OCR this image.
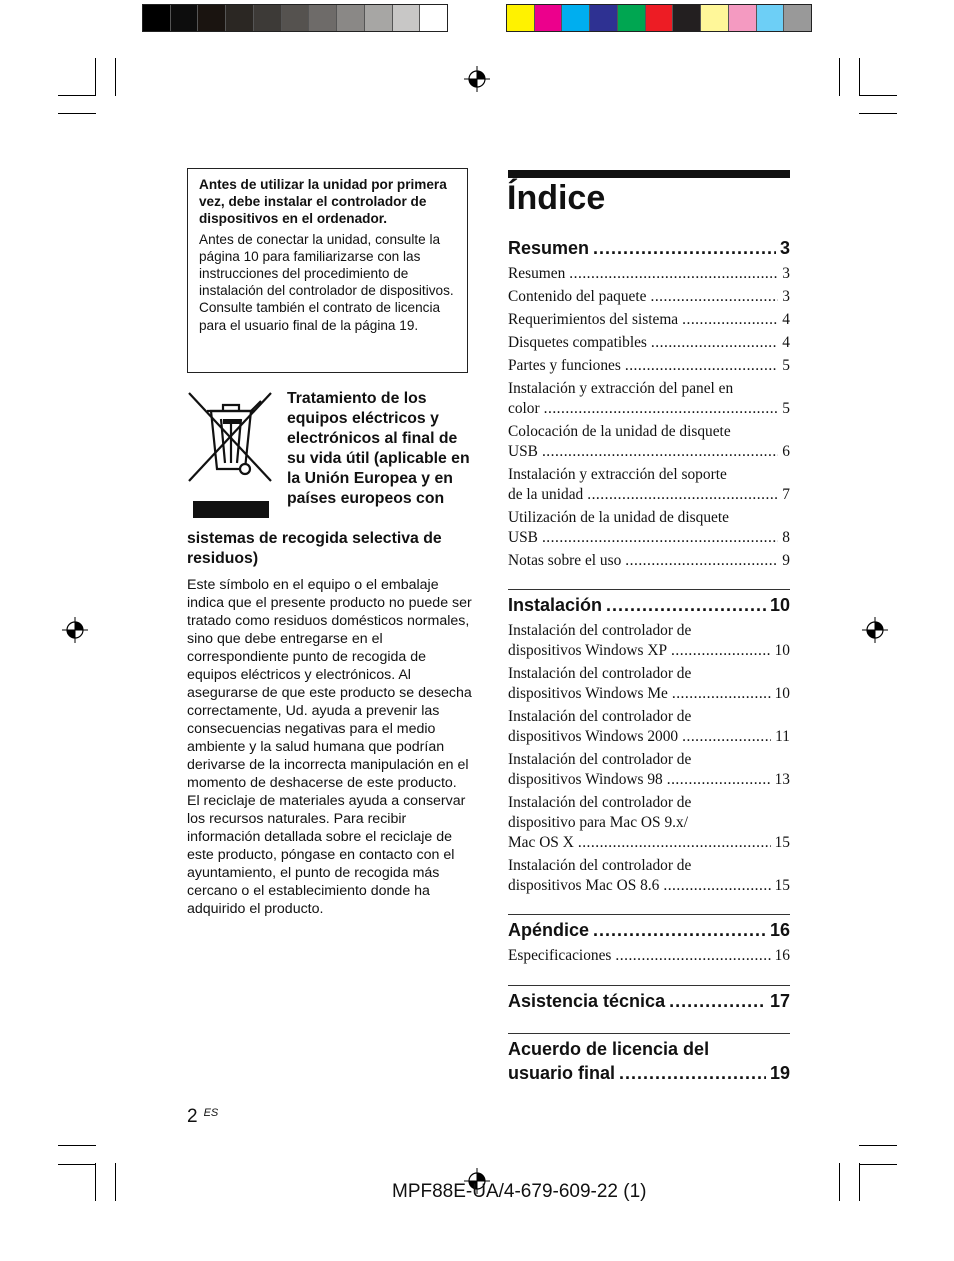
Antes de utilizar la unidad por primera vez, debe instalar el controlador de dispositivos en el ordenador.

Antes de conectar la unidad, consulte la página 10 para familiarizarse con las instrucciones del procedimiento de instalación del controlador de dispositivos. Consulte también el contrato de licencia para el usuario final de la página 19.

Tratamiento de los equipos eléctricos y electrónicos al final de su vida útil (aplicable en la Unión Europea y en países europeos con
sistemas de recogida selectiva de residuos)
Este símbolo en el equipo o el embalaje indica que el presente producto no puede ser tratado como residuos domésticos normales, sino que debe entregarse en el correspondiente punto de recogida de equipos eléctricos y electrónicos. Al asegurarse de que este producto se desecha correctamente, Ud. ayuda a prevenir las consecuencias negativas para el medio ambiente y la salud humana que podrían derivarse de la incorrecta manipulación en el momento de deshacerse de este producto. El reciclaje de materiales ayuda a conservar los recursos naturales. Para recibir información detallada sobre el reciclaje de este producto, póngase en contacto con el ayuntamiento, el punto de recogida más cercano o el establecimiento donde ha adquirido el producto.
Índice
Resumen .....	3
Resumen .....	3
Contenido del paquete .....	3
Requerimientos del sistema .....	4
Disquetes compatibles .....	4
Partes y funciones .....	5
Instalación y extracción del panel en
color .....	5
Colocación de la unidad de disquete
USB .....	6
Instalación y extracción del soporte
de la unidad .....	7
Utilización de la unidad de disquete
USB .....	8
Notas sobre el uso .....	9
Instalación .....	10
Instalación del controlador de
dispositivos Windows XP .....	10
Instalación del controlador de
dispositivos Windows Me .....	10
Instalación del controlador de
dispositivos Windows 2000 .....	11
Instalación del controlador de
dispositivos Windows 98 .....	13
Instalación del controlador de
dispositivo para Mac OS 9.x/
Mac OS X .....	15
Instalación del controlador de
dispositivos Mac OS 8.6 .....	15
Apéndice .....	16
Especificaciones .....	16
Asistencia técnica .....	17
Acuerdo de licencia del
usuario final .....	19
2 $^{ES}$
MPF88E-UA/4-679-609-22 (1)
